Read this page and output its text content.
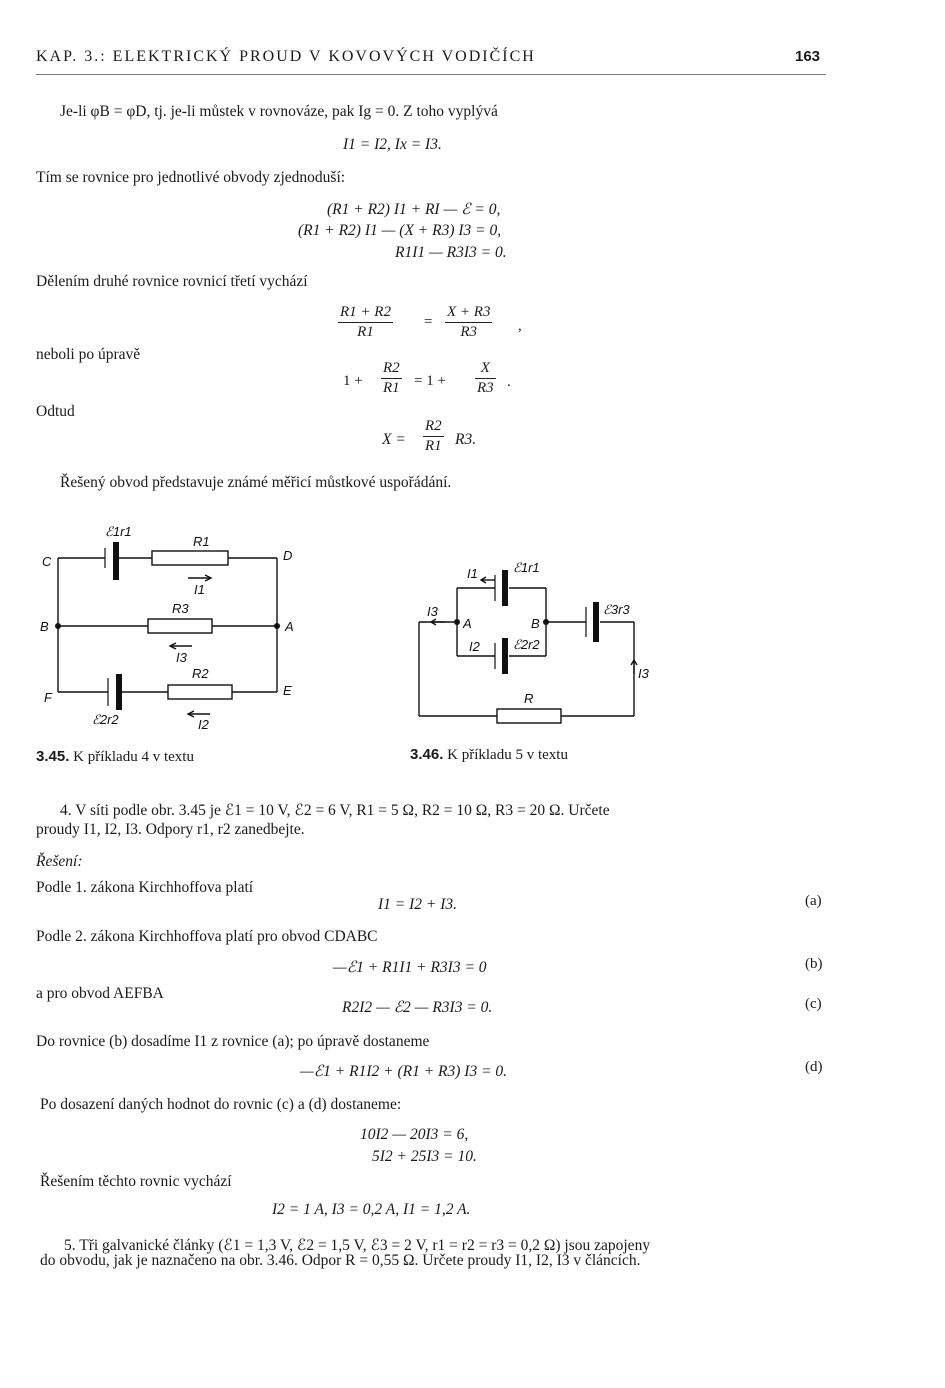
KAP. 3.: ELEKTRICKÝ PROUD V KOVOVÝCH VODIČÍCH	163
Je-li φB = φD, tj. je-li můstek v rovnováze, pak Ig = 0. Z toho vyplývá
I1 = I2, Ix = I3.
Tím se rovnice pro jednotlivé obvody zjednoduší:
(R1 + R2) I1 + RI — ℰ = 0,
(R1 + R2) I1 — (X + R3) I3 = 0,
R1I1 — R3I3 = 0.
Dělením druhé rovnice rovnicí třetí vychází
R1 + R2
R1
=
X + R3
R3	,
neboli po úpravě
1 +
R2
R1 = 1 +
X
R3 .
Odtud
X =
R2
R1 R3.
Řešený obvod představuje známé měřicí můstkové uspořádání.
C	D
B	A
F	E
ℰ1r1
R1
I1
R3
I3
R2
ℰ2r2	I2
3.45. K příkladu 4 v textu
I1	ℰ1r1
I3
A	B
ℰ3r3
I2	ℰ2r2
I3
R
3.46. K příkladu 5 v textu
4. V síti podle obr. 3.45 je ℰ1 = 10 V, ℰ2 = 6 V, R1 = 5 Ω, R2 = 10 Ω, R3 = 20 Ω. Určete
proudy I1, I2, I3. Odpory r1, r2 zanedbejte.
Řešení:
Podle 1. zákona Kirchhoffova platí
I1 = I2 + I3.	(a)
Podle 2. zákona Kirchhoffova platí pro obvod CDABC
—ℰ1 + R1I1 + R3I3 = 0	(b)
a pro obvod AEFBA
R2I2 — ℰ2 — R3I3 = 0.	(c)
Do rovnice (b) dosadíme I1 z rovnice (a); po úpravě dostaneme
—ℰ1 + R1I2 + (R1 + R3) I3 = 0.	(d)
Po dosazení daných hodnot do rovnic (c) a (d) dostaneme:
10I2 — 20I3 = 6,
5I2 + 25I3 = 10.
Řešením těchto rovnic vychází
I2 = 1 A, I3 = 0,2 A, I1 = 1,2 A.
5. Tři galvanické články (ℰ1 = 1,3 V, ℰ2 = 1,5 V, ℰ3 = 2 V, r1 = r2 = r3 = 0,2 Ω) jsou zapojeny
do obvodu, jak je naznačeno na obr. 3.46. Odpor R = 0,55 Ω. Určete proudy I1, I2, I3 v článcích.
